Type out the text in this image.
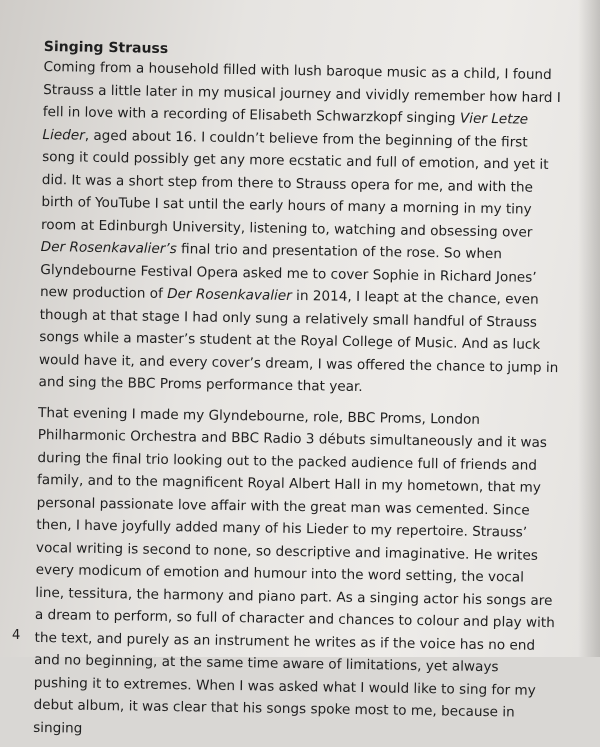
Singing Strauss

Coming from a household filled with lush baroque music as a child, I found Strauss a little later in my musical journey and vividly remember how hard I fell in love with a recording of Elisabeth Schwarzkopf singing Vier Letze Lieder, aged about 16. I couldn’t believe from the beginning of the first song it could possibly get any more ecstatic and full of emotion, and yet it did. It was a short step from there to Strauss opera for me, and with the birth of YouTube I sat until the early hours of many a morning in my tiny room at Edinburgh University, listening to, watching and obsessing over Der Rosenkavalier’s final trio and presentation of the rose. So when Glyndebourne Festival Opera asked me to cover Sophie in Richard Jones’ new production of Der Rosenkavalier in 2014, I leapt at the chance, even though at that stage I had only sung a relatively small handful of Strauss songs while a master’s student at the Royal College of Music. And as luck would have it, and every cover’s dream, I was offered the chance to jump in and sing the BBC Proms performance that year.

That evening I made my Glyndebourne, role, BBC Proms, London Philharmonic Orchestra and BBC Radio 3 débuts simultaneously and it was during the final trio looking out to the packed audience full of friends and family, and to the magnificent Royal Albert Hall in my hometown, that my personal passionate love affair with the great man was cemented. Since then, I have joyfully added many of his Lieder to my repertoire. Strauss’ vocal writing is second to none, so descriptive and imaginative. He writes every modicum of emotion and humour into the word setting, the vocal line, tessitura, the harmony and piano part. As a singing actor his songs are a dream to perform, so full of character and chances to colour and play with the text, and purely as an instrument he writes as if the voice has no end and no beginning, at the same time aware of limitations, yet always pushing it to extremes. When I was asked what I would like to sing for my debut album, it was clear that his songs spoke most to me, because in singing

4
